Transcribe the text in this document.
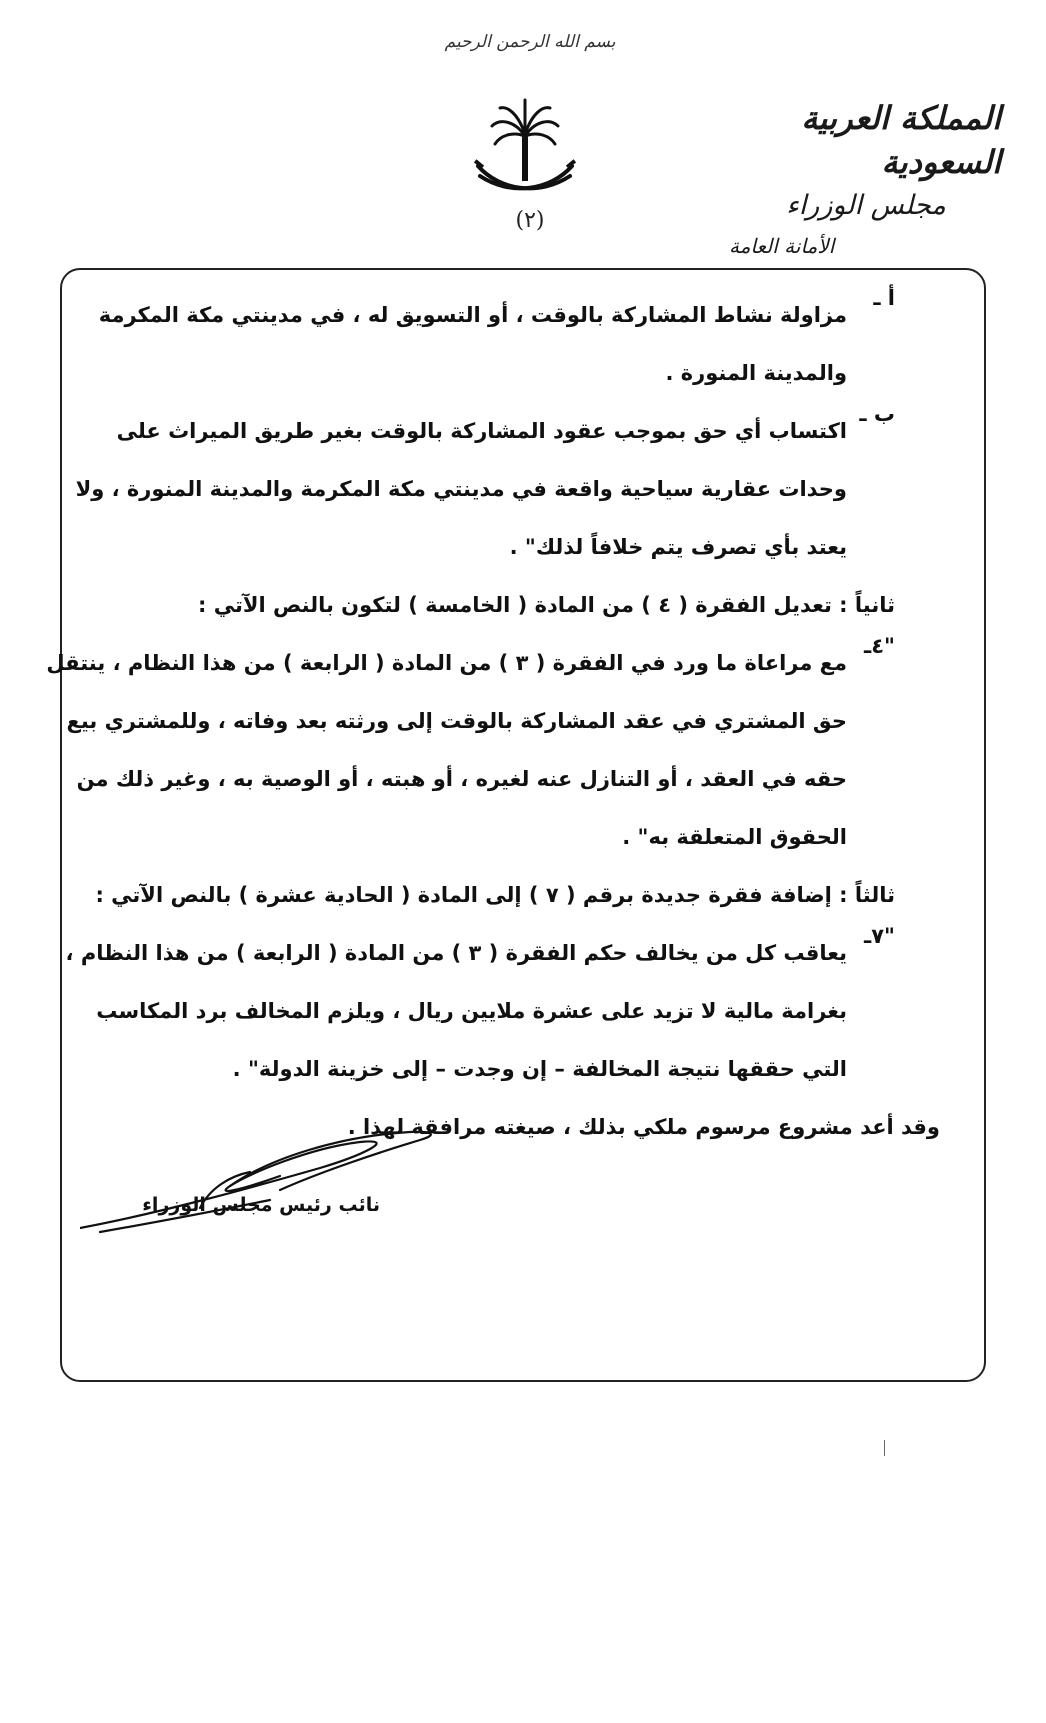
بسم الله الرحمن الرحيم
(٢)
المملكة العربية السعودية
مجلس الوزراء
الأمانة العامة
أ ـ
مزاولة نشاط المشاركة بالوقت ، أو التسويق له ، في مدينتي مكة المكرمة
والمدينة المنورة .
ب ـ
اكتساب أي حق بموجب عقود المشاركة بالوقت بغير طريق الميراث على
وحدات عقارية سياحية واقعة في مدينتي مكة المكرمة والمدينة المنورة ، ولا
يعتد بأي تصرف يتم خلافاً لذلك" .
ثانياً : تعديل الفقرة ( ٤ ) من المادة ( الخامسة ) لتكون بالنص الآتي :
"٤ـ
مع مراعاة ما ورد في الفقرة ( ٣ ) من المادة ( الرابعة ) من هذا النظام ، ينتقل
حق المشتري في عقد المشاركة بالوقت إلى ورثته بعد وفاته ، وللمشتري بيع
حقه في العقد ، أو التنازل عنه لغيره ، أو هبته ، أو الوصية به ، وغير ذلك من
الحقوق المتعلقة به" .
ثالثاً : إضافة فقرة جديدة برقم ( ٧ ) إلى المادة ( الحادية عشرة ) بالنص الآتي :
"٧ـ
يعاقب كل من يخالف حكم الفقرة ( ٣ ) من المادة ( الرابعة ) من هذا النظام ،
بغرامة مالية لا تزيد على عشرة ملايين ريال ، ويلزم المخالف برد المكاسب
التي حققها نتيجة المخالفة – إن وجدت – إلى خزينة الدولة" .
وقد أعد مشروع مرسوم ملكي بذلك ، صيغته مرافقة لهذا .
نائب رئيس مجلس الوزراء
